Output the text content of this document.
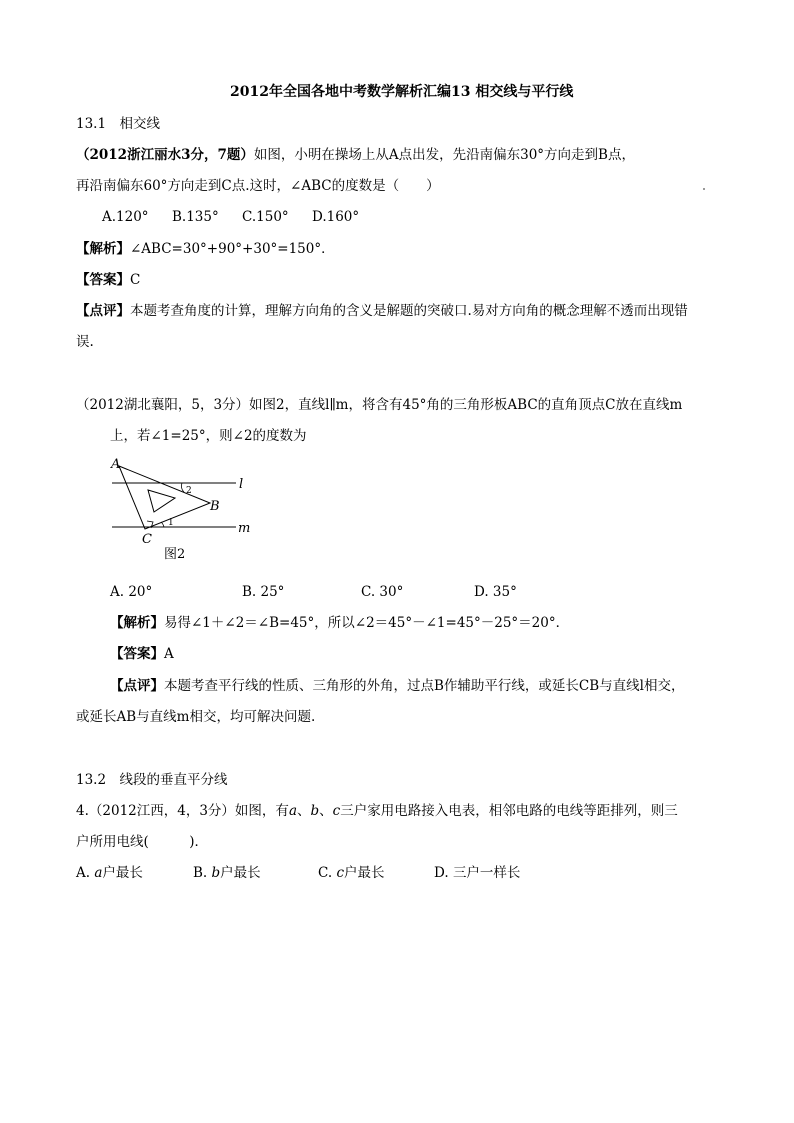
2012年全国各地中考数学解析汇编13 相交线与平行线
13.1　相交线
（2012浙江丽水3分，7题）如图，小明在操场上从A点出发，先沿南偏东30°方向走到B点，
再沿南偏东60°方向走到C点.这时，∠ABC的度数是（　　）
A.120° B.135° C.150° D.160°
【解析】∠ABC=30°+90°+30°=150°．
【答案】C
【点评】本题考查角度的计算，理解方向角的含义是解题的突破口.易对方向角的概念理解不透而出现错
误.
（2012湖北襄阳，5，3分）如图2，直线l∥m，将含有45°角的三角形板ABC的直角顶点C放在直线m
上，若∠1=25°，则∠2的度数为
A
B
C
l
m
1
2
图2
A. 20°	B. 25°	C. 30°	D. 35°
【解析】易得∠1＋∠2＝∠B=45°，所以∠2＝45°－∠1=45°－25°＝20°．
【答案】A
【点评】本题考查平行线的性质、三角形的外角，过点B作辅助平行线，或延长CB与直线l相交，
或延长AB与直线m相交，均可解决问题.
13.2　线段的垂直平分线
4.（2012江西，4，3分）如图，有a、b、c三户家用电路接入电表，相邻电路的电线等距排列，则三
户所用电线(　　　)．
A. a户最长	B. b户最长	C. c户最长	D. 三户一样长
